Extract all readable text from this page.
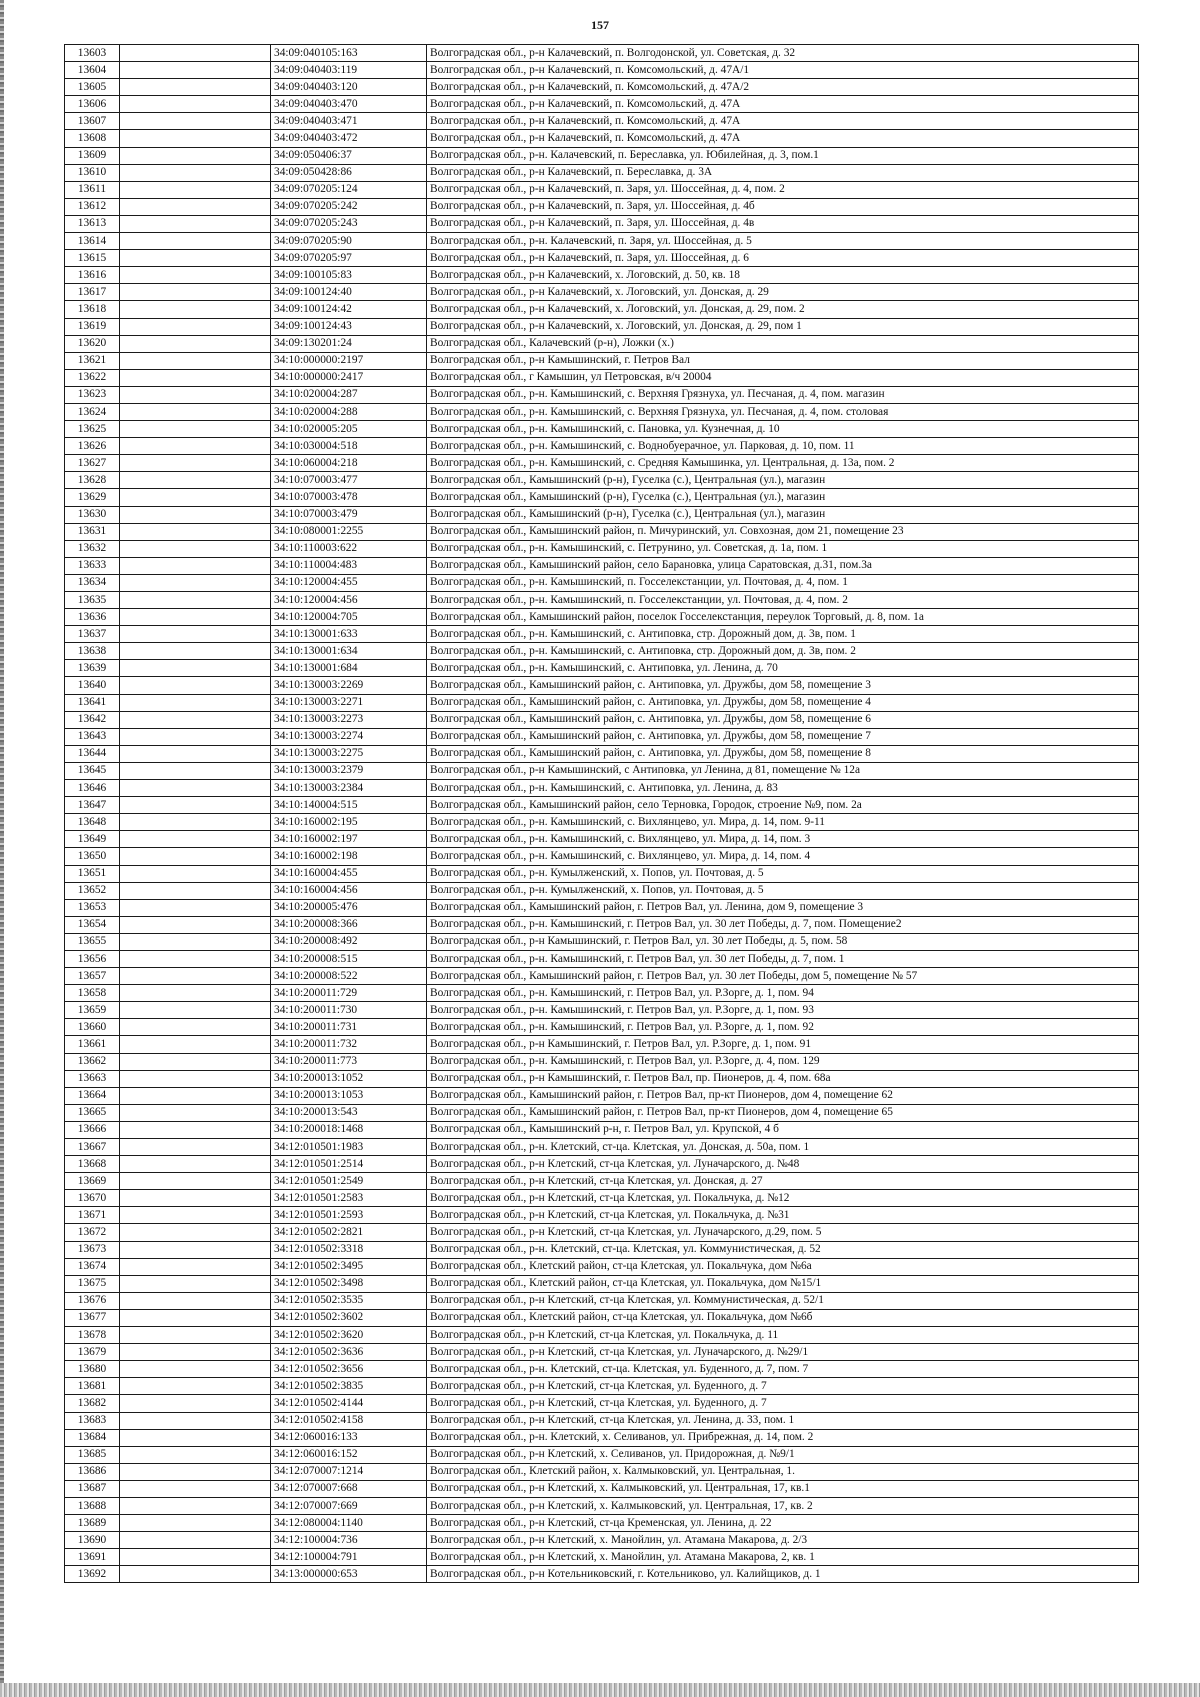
157
13603		34:09:040105:163	Волгоградская обл., р-н Калачевский, п. Волгодонской, ул. Советская, д. 32
13604		34:09:040403:119	Волгоградская обл., р-н Калачевский, п. Комсомольский, д. 47А/1
13605		34:09:040403:120	Волгоградская обл., р-н Калачевский, п. Комсомольский, д. 47А/2
13606		34:09:040403:470	Волгоградская обл., р-н Калачевский, п. Комсомольский, д. 47А
13607		34:09:040403:471	Волгоградская обл., р-н Калачевский, п. Комсомольский, д. 47А
13608		34:09:040403:472	Волгоградская обл., р-н Калачевский, п. Комсомольский, д. 47А
13609		34:09:050406:37	Волгоградская обл., р-н. Калачевский, п. Береславка, ул. Юбилейная, д. 3, пом.1
13610		34:09:050428:86	Волгоградская обл., р-н Калачевский, п. Береславка, д. 3А
13611		34:09:070205:124	Волгоградская обл., р-н Калачевский, п. Заря, ул. Шоссейная, д. 4, пом. 2
13612		34:09:070205:242	Волгоградская обл., р-н Калачевский, п. Заря, ул. Шоссейная, д. 4б
13613		34:09:070205:243	Волгоградская обл., р-н Калачевский, п. Заря, ул. Шоссейная, д. 4в
13614		34:09:070205:90	Волгоградская обл., р-н. Калачевский, п. Заря, ул. Шоссейная, д. 5
13615		34:09:070205:97	Волгоградская обл., р-н Калачевский, п. Заря, ул. Шоссейная, д. 6
13616		34:09:100105:83	Волгоградская обл., р-н Калачевский, х. Логовский, д. 50, кв. 18
13617		34:09:100124:40	Волгоградская обл., р-н Калачевский, х. Логовский, ул. Донская, д. 29
13618		34:09:100124:42	Волгоградская обл., р-н Калачевский, х. Логовский, ул. Донская, д. 29, пом. 2
13619		34:09:100124:43	Волгоградская обл., р-н Калачевский, х. Логовский, ул. Донская, д. 29, пом 1
13620		34:09:130201:24	Волгоградская обл., Калачевский (р-н), Ложки (х.)
13621		34:10:000000:2197	Волгоградская обл., р-н Камышинский, г. Петров Вал
13622		34:10:000000:2417	Волгоградская обл., г Камышин, ул Петровская, в/ч 20004
13623		34:10:020004:287	Волгоградская обл., р-н. Камышинский, с. Верхняя Грязнуха, ул. Песчаная, д. 4, пом. магазин
13624		34:10:020004:288	Волгоградская обл., р-н. Камышинский, с. Верхняя Грязнуха, ул. Песчаная, д. 4, пом. столовая
13625		34:10:020005:205	Волгоградская обл., р-н. Камышинский, с. Пановка, ул. Кузнечная, д. 10
13626		34:10:030004:518	Волгоградская обл., р-н. Камышинский, с. Воднобуерачное, ул. Парковая, д. 10, пом. 11
13627		34:10:060004:218	Волгоградская обл., р-н. Камышинский, с. Средняя Камышинка, ул. Центральная, д. 13а, пом. 2
13628		34:10:070003:477	Волгоградская обл., Камышинский (р-н), Гуселка (с.), Центральная (ул.), магазин
13629		34:10:070003:478	Волгоградская обл., Камышинский (р-н), Гуселка (с.), Центральная (ул.), магазин
13630		34:10:070003:479	Волгоградская обл., Камышинский (р-н), Гуселка (с.), Центральная (ул.), магазин
13631		34:10:080001:2255	Волгоградская обл., Камышинский район, п. Мичуринский, ул. Совхозная, дом 21, помещение 23
13632		34:10:110003:622	Волгоградская обл., р-н. Камышинский, с. Петрунино, ул. Советская, д. 1а, пом. 1
13633		34:10:110004:483	Волгоградская обл., Камышинский район, село Барановка, улица Саратовская, д.31, пом.3а
13634		34:10:120004:455	Волгоградская обл., р-н. Камышинский, п. Госселекстанции, ул. Почтовая, д. 4, пом. 1
13635		34:10:120004:456	Волгоградская обл., р-н. Камышинский, п. Госселекстанции, ул. Почтовая, д. 4, пом. 2
13636		34:10:120004:705	Волгоградская обл., Камышинский район, поселок Госселекстанция, переулок Торговый, д. 8, пом. 1а
13637		34:10:130001:633	Волгоградская обл., р-н. Камышинский, с. Антиповка, стр. Дорожный дом, д. 3в, пом. 1
13638		34:10:130001:634	Волгоградская обл., р-н. Камышинский, с. Антиповка, стр. Дорожный дом, д. 3в, пом. 2
13639		34:10:130001:684	Волгоградская обл., р-н. Камышинский, с. Антиповка, ул. Ленина, д. 70
13640		34:10:130003:2269	Волгоградская обл., Камышинский район, с. Антиповка, ул. Дружбы, дом 58, помещение 3
13641		34:10:130003:2271	Волгоградская обл., Камышинский район, с. Антиповка, ул. Дружбы, дом 58, помещение 4
13642		34:10:130003:2273	Волгоградская обл., Камышинский район, с. Антиповка, ул. Дружбы, дом 58, помещение 6
13643		34:10:130003:2274	Волгоградская обл., Камышинский район, с. Антиповка, ул. Дружбы, дом 58, помещение 7
13644		34:10:130003:2275	Волгоградская обл., Камышинский район, с. Антиповка, ул. Дружбы, дом 58, помещение 8
13645		34:10:130003:2379	Волгоградская обл., р-н Камышинский, с Антиповка, ул Ленина, д 81, помещение № 12а
13646		34:10:130003:2384	Волгоградская обл., р-н. Камышинский, с. Антиповка, ул. Ленина, д. 83
13647		34:10:140004:515	Волгоградская обл., Камышинский район, село Терновка, Городок, строение №9, пом. 2а
13648		34:10:160002:195	Волгоградская обл., р-н. Камышинский, с. Вихлянцево, ул. Мира, д. 14, пом. 9-11
13649		34:10:160002:197	Волгоградская обл., р-н. Камышинский, с. Вихлянцево, ул. Мира, д. 14, пом. 3
13650		34:10:160002:198	Волгоградская обл., р-н. Камышинский, с. Вихлянцево, ул. Мира, д. 14, пом. 4
13651		34:10:160004:455	Волгоградская обл., р-н. Кумылженский, х. Попов, ул. Почтовая, д. 5
13652		34:10:160004:456	Волгоградская обл., р-н. Кумылженский, х. Попов, ул. Почтовая, д. 5
13653		34:10:200005:476	Волгоградская обл., Камышинский район, г. Петров Вал, ул. Ленина, дом 9, помещение 3
13654		34:10:200008:366	Волгоградская обл., р-н. Камышинский, г. Петров Вал, ул. 30 лет Победы, д. 7, пом. Помещение2
13655		34:10:200008:492	Волгоградская обл., р-н Камышинский, г. Петров Вал, ул. 30 лет Победы, д. 5, пом. 58
13656		34:10:200008:515	Волгоградская обл., р-н. Камышинский, г. Петров Вал, ул. 30 лет Победы, д. 7, пом. 1
13657		34:10:200008:522	Волгоградская обл., Камышинский район, г. Петров Вал, ул. 30 лет Победы, дом 5, помещение № 57
13658		34:10:200011:729	Волгоградская обл., р-н. Камышинский, г. Петров Вал, ул. Р.Зорге, д. 1, пом. 94
13659		34:10:200011:730	Волгоградская обл., р-н. Камышинский, г. Петров Вал, ул. Р.Зорге, д. 1, пом. 93
13660		34:10:200011:731	Волгоградская обл., р-н. Камышинский, г. Петров Вал, ул. Р.Зорге, д. 1, пом. 92
13661		34:10:200011:732	Волгоградская обл., р-н Камышинский, г. Петров Вал, ул. Р.Зорге, д. 1, пом. 91
13662		34:10:200011:773	Волгоградская обл., р-н. Камышинский, г. Петров Вал, ул. Р.Зорге, д. 4, пом. 129
13663		34:10:200013:1052	Волгоградская обл., р-н Камышинский, г. Петров Вал, пр. Пионеров, д. 4, пом. 68а
13664		34:10:200013:1053	Волгоградская обл., Камышинский район, г. Петров Вал, пр-кт Пионеров, дом 4, помещение 62
13665		34:10:200013:543	Волгоградская обл., Камышинский район, г. Петров Вал, пр-кт Пионеров, дом 4, помещение 65
13666		34:10:200018:1468	Волгоградская обл., Камышинский р-н, г. Петров Вал, ул. Крупской, 4 б
13667		34:12:010501:1983	Волгоградская обл., р-н. Клетский, ст-ца. Клетская, ул. Донская, д. 50а, пом. 1
13668		34:12:010501:2514	Волгоградская обл., р-н Клетский, ст-ца Клетская, ул. Луначарского, д. №48
13669		34:12:010501:2549	Волгоградская обл., р-н Клетский, ст-ца Клетская, ул. Донская, д. 27
13670		34:12:010501:2583	Волгоградская обл., р-н Клетский, ст-ца Клетская, ул. Покальчука, д. №12
13671		34:12:010501:2593	Волгоградская обл., р-н Клетский, ст-ца Клетская, ул. Покальчука, д. №31
13672		34:12:010502:2821	Волгоградская обл., р-н Клетский, ст-ца Клетская, ул. Луначарского, д.29, пом. 5
13673		34:12:010502:3318	Волгоградская обл., р-н. Клетский, ст-ца. Клетская, ул. Коммунистическая, д. 52
13674		34:12:010502:3495	Волгоградская обл., Клетский район, ст-ца Клетская, ул. Покальчука, дом №6а
13675		34:12:010502:3498	Волгоградская обл., Клетский район, ст-ца Клетская, ул. Покальчука, дом №15/1
13676		34:12:010502:3535	Волгоградская обл., р-н Клетский, ст-ца Клетская, ул. Коммунистическая, д. 52/1
13677		34:12:010502:3602	Волгоградская обл., Клетский район, ст-ца Клетская, ул. Покальчука, дом №6б
13678		34:12:010502:3620	Волгоградская обл., р-н Клетский, ст-ца Клетская, ул. Покальчука, д. 11
13679		34:12:010502:3636	Волгоградская обл., р-н Клетский, ст-ца Клетская, ул. Луначарского, д. №29/1
13680		34:12:010502:3656	Волгоградская обл., р-н. Клетский, ст-ца. Клетская, ул. Буденного, д. 7, пом. 7
13681		34:12:010502:3835	Волгоградская обл., р-н Клетский, ст-ца Клетская, ул. Буденного, д. 7
13682		34:12:010502:4144	Волгоградская обл., р-н Клетский, ст-ца Клетская, ул. Буденного, д. 7
13683		34:12:010502:4158	Волгоградская обл., р-н Клетский, ст-ца Клетская, ул. Ленина, д. 33, пом. 1
13684		34:12:060016:133	Волгоградская обл., р-н. Клетский, х. Селиванов, ул. Прибрежная, д. 14, пом. 2
13685		34:12:060016:152	Волгоградская обл., р-н Клетский, х. Селиванов, ул. Придорожная, д. №9/1
13686		34:12:070007:1214	Волгоградская обл., Клетский район, х. Калмыковский, ул. Центральная, 1.
13687		34:12:070007:668	Волгоградская обл., р-н Клетский, х. Калмыковский, ул. Центральная, 17, кв.1
13688		34:12:070007:669	Волгоградская обл., р-н Клетский, х. Калмыковский, ул. Центральная, 17, кв. 2
13689		34:12:080004:1140	Волгоградская обл., р-н Клетский, ст-ца Кременская, ул. Ленина, д. 22
13690		34:12:100004:736	Волгоградская обл., р-н Клетский, х. Манойлин, ул. Атамана Макарова, д. 2/3
13691		34:12:100004:791	Волгоградская обл., р-н Клетский, х. Манойлин, ул. Атамана Макарова, 2, кв. 1
13692		34:13:000000:653	Волгоградская обл., р-н Котельниковский, г. Котельниково, ул. Калийщиков, д. 1
